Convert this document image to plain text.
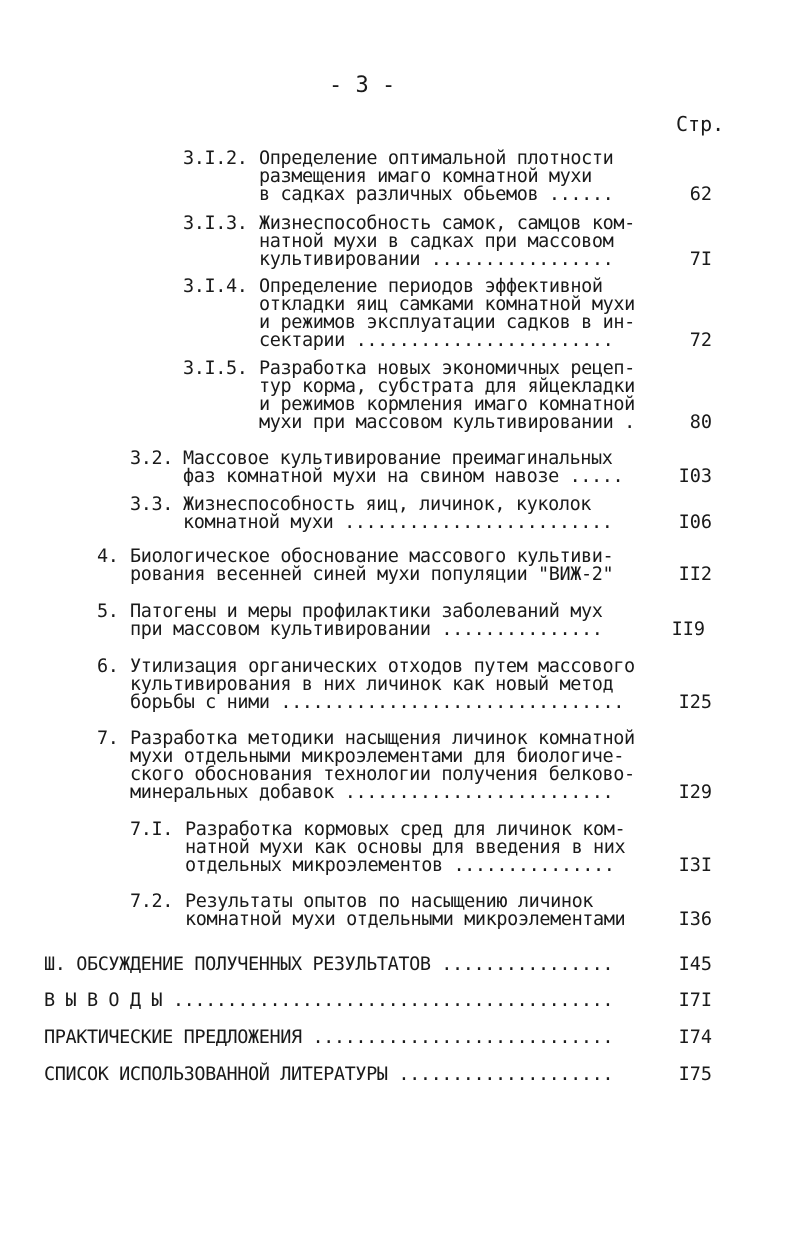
- 3 -
Стр.
3.I.2. Определение оптимальной плотности
размещения имаго комнатной мухи
в садках различных обьемов ......	62
3.I.3. Жизнеспособность самок, самцов ком-
натной мухи в садках при массовом
культивировании .................	7I
3.I.4. Определение периодов эффективной
откладки яиц самками комнатной мухи
и режимов эксплуатации садков в ин-
сектарии ........................	72
3.I.5. Разработка новых экономичных рецеп-
тур корма, субстрата для яйцекладки
и режимов кормления имаго комнатной
мухи при массовом культивировании .	80
3.2. Массовое культивирование преимагинальных
фаз комнатной мухи на свином навозе .....	I03
3.3. Жизнеспособность яиц, личинок, куколок
комнатной мухи .........................	I06
4. Биологическое обоснование массового культиви-
рования весенней синей мухи популяции "ВИЖ-2"	II2
5. Патогены и меры профилактики заболеваний мух
при массовом культивировании ...............	II9
6. Утилизация органических отходов путем массового
культивирования в них личинок как новый метод
борьбы с ними ................................	I25
7. Разработка методики насыщения личинок комнатной
мухи отдельными микроэлементами для биологиче-
ского обоснования технологии получения белково-
минеральных добавок .........................	I29
7.I. Разработка кормовых сред для личинок ком-
натной мухи как основы для введения в них
отдельных микроэлементов ...............	I3I
7.2. Результаты опытов по насыщению личинок
комнатной мухи отдельными микроэлементами	I36
Ш. ОБСУЖДЕНИЕ ПОЛУЧЕННЫХ РЕЗУЛЬТАТОВ ................	I45
В Ы В О Д Ы .........................................	I7I
ПРАКТИЧЕСКИЕ ПРЕДЛОЖЕНИЯ ............................	I74
СПИСОК ИСПОЛЬЗОВАННОЙ ЛИТЕРАТУРЫ ....................	I75
